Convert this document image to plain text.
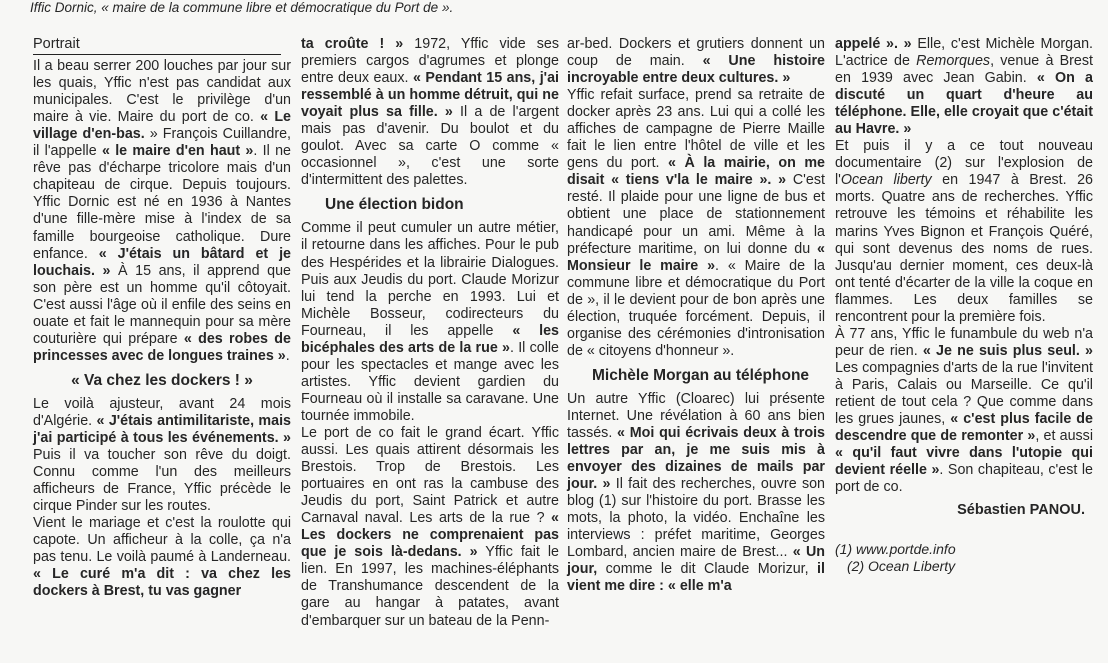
Iffic Dornic, « maire de la commune libre et démocratique du Port de ».
Portrait

Il a beau serrer 200 louches par jour sur les quais, Yffic n'est pas candidat aux municipales. C'est le privilège d'un maire à vie. Maire du port de co. « Le village d'en-bas. » François Cuillandre, il l'appelle « le maire d'en haut ». Il ne rêve pas d'écharpe tricolore mais d'un chapiteau de cirque. Depuis toujours. Yffic Dornic est né en 1936 à Nantes d'une fille-mère mise à l'index de sa famille bourgeoise catholique. Dure enfance. « J'étais un bâtard et je louchais. » À 15 ans, il apprend que son père est un homme qu'il côtoyait. C'est aussi l'âge où il enfile des seins en ouate et fait le mannequin pour sa mère couturière qui prépare « des robes de princesses avec de longues traines ».

« Va chez les dockers ! »

Le voilà ajusteur, avant 24 mois d'Algérie. « J'étais antimilitariste, mais j'ai participé à tous les événements. » Puis il va toucher son rêve du doigt. Connu comme l'un des meilleurs afficheurs de France, Yffic précède le cirque Pinder sur les routes.

Vient le mariage et c'est la roulotte qui capote. Un afficheur à la colle, ça n'a pas tenu. Le voilà paumé à Landerneau. « Le curé m'a dit : va chez les dockers à Brest, tu vas gagner

ta croûte ! » 1972, Yffic vide ses premiers cargos d'agrumes et plonge entre deux eaux. « Pendant 15 ans, j'ai ressemblé à un homme détruit, qui ne voyait plus sa fille. » Il a de l'argent mais pas d'avenir. Du boulot et du goulot. Avec sa carte O comme « occasionnel », c'est une sorte d'intermittent des palettes.

Une élection bidon

Comme il peut cumuler un autre métier, il retourne dans les affiches. Pour le pub des Hespérides et la librairie Dialogues. Puis aux Jeudis du port. Claude Morizur lui tend la perche en 1993. Lui et Michèle Bosseur, codirecteurs du Fourneau, il les appelle « les bicéphales des arts de la rue ». Il colle pour les spectacles et mange avec les artistes. Yffic devient gardien du Fourneau où il installe sa caravane. Une tournée immobile.

Le port de co fait le grand écart. Yffic aussi. Les quais attirent désormais les Brestois. Trop de Brestois. Les portuaires en ont ras la cambuse des Jeudis du port, Saint Patrick et autre Carnaval naval. Les arts de la rue ? « Les dockers ne comprenaient pas que je sois là-dedans. » Yffic fait le lien. En 1997, les machines-éléphants de Transhumance descendent de la gare au hangar à patates, avant d'embarquer sur un bateau de la Penn-

ar-bed. Dockers et grutiers donnent un coup de main. « Une histoire incroyable entre deux cultures. »

Yffic refait surface, prend sa retraite de docker après 23 ans. Lui qui a collé les affiches de campagne de Pierre Maille fait le lien entre l'hôtel de ville et les gens du port. « À la mairie, on me disait « tiens v'la le maire ». » C'est resté. Il plaide pour une ligne de bus et obtient une place de stationnement handicapé pour un ami. Même à la préfecture maritime, on lui donne du « Monsieur le maire ». « Maire de la commune libre et démocratique du Port de », il le devient pour de bon après une élection, truquée forcément. Depuis, il organise des cérémonies d'intronisation de « citoyens d'honneur ».

Michèle Morgan au téléphone

Un autre Yffic (Cloarec) lui présente Internet. Une révélation à 60 ans bien tassés. « Moi qui écrivais deux à trois lettres par an, je me suis mis à envoyer des dizaines de mails par jour. » Il fait des recherches, ouvre son blog (1) sur l'histoire du port. Brasse les mots, la photo, la vidéo. Enchaîne les interviews : préfet maritime, Georges Lombard, ancien maire de Brest... « Un jour, comme le dit Claude Morizur, il vient me dire : « elle m'a

appelé ». » Elle, c'est Michèle Morgan. L'actrice de Remorques, venue à Brest en 1939 avec Jean Gabin. « On a discuté un quart d'heure au téléphone. Elle, elle croyait que c'était au Havre. »

Et puis il y a ce tout nouveau documentaire (2) sur l'explosion de l'Ocean liberty en 1947 à Brest. 26 morts. Quatre ans de recherches. Yffic retrouve les témoins et réhabilite les marins Yves Bignon et François Quéré, qui sont devenus des noms de rues. Jusqu'au dernier moment, ces deux-là ont tenté d'écarter de la ville la coque en flammes. Les deux familles se rencontrent pour la première fois.

À 77 ans, Yffic le funambule du web n'a peur de rien. « Je ne suis plus seul. » Les compagnies d'arts de la rue l'invitent à Paris, Calais ou Marseille. Ce qu'il retient de tout cela ? Que comme dans les grues jaunes, « c'est plus facile de descendre que de remonter », et aussi « qu'il faut vivre dans l'utopie qui devient réelle ». Son chapiteau, c'est le port de co.

Sébastien PANOU.

(1) www.portde.info
(2) Ocean Liberty
